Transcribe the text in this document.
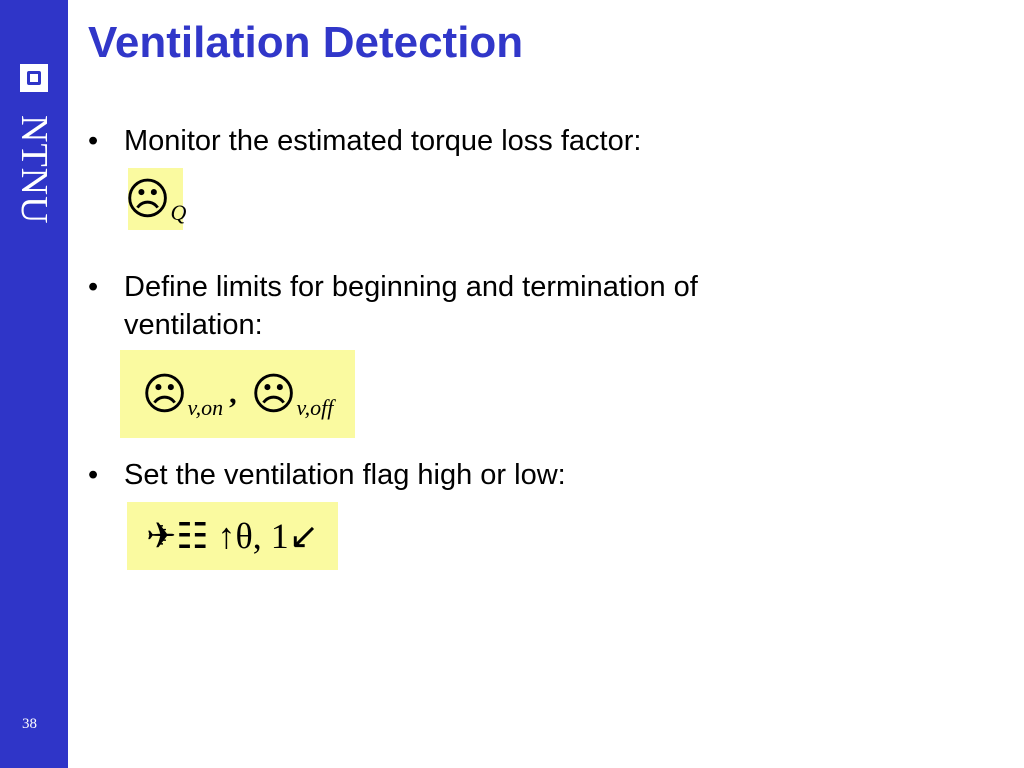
NTNU
38
Ventilation Detection
• Monitor the estimated torque loss factor:
☹ Q
• Define limits for beginning and termination of ventilation:
☹ v,on , ☹ v,off
• Set the ventilation flag high or low:
✈☷ ↑θ, 1↙
